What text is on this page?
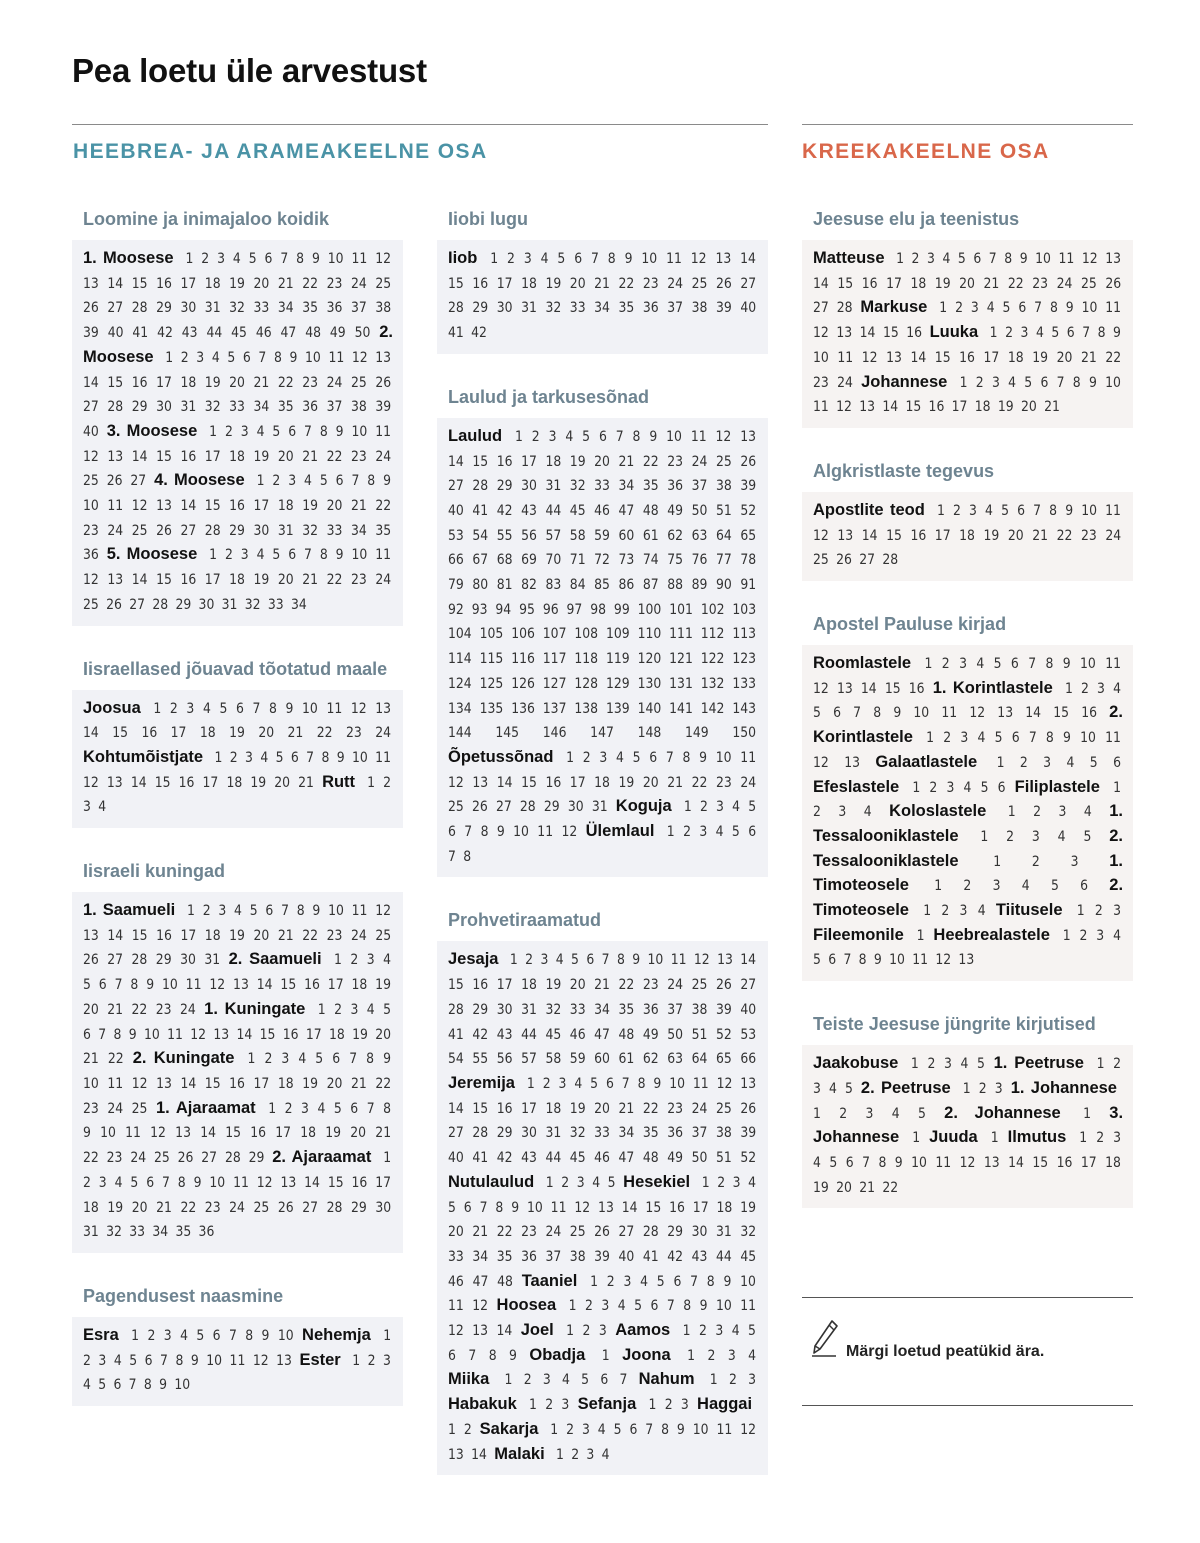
Pea loetu üle arvestust
HEEBREA- JA ARAMEAKEELNE OSA	KREEKAKEELNE OSA
Loomine ja inimajaloo koidik
1. Moosese 1 2 3 4 5 6 7 8 9 10 11 12 13 14 15 16 17 18 19 20 21 22 23 24 25 26 27 28 29 30 31 32 33 34 35 36 37 38 39 40 41 42 43 44 45 46 47 48 49 50 2. Moosese 1 2 3 4 5 6 7 8 9 10 11 12 13 14 15 16 17 18 19 20 21 22 23 24 25 26 27 28 29 30 31 32 33 34 35 36 37 38 39 40 3. Moosese 1 2 3 4 5 6 7 8 9 10 11 12 13 14 15 16 17 18 19 20 21 22 23 24 25 26 27 4. Moosese 1 2 3 4 5 6 7 8 9 10 11 12 13 14 15 16 17 18 19 20 21 22 23 24 25 26 27 28 29 30 31 32 33 34 35 36 5. Moosese 1 2 3 4 5 6 7 8 9 10 11 12 13 14 15 16 17 18 19 20 21 22 23 24 25 26 27 28 29 30 31 32 33 34
Iisraellased jõuavad tõotatud maale
Joosua 1 2 3 4 5 6 7 8 9 10 11 12 13 14 15 16 17 18 19 20 21 22 23 24 Kohtumõistjate 1 2 3 4 5 6 7 8 9 10 11 12 13 14 15 16 17 18 19 20 21 Rutt 1 2 3 4
Iisraeli kuningad
1. Saamueli 1 2 3 4 5 6 7 8 9 10 11 12 13 14 15 16 17 18 19 20 21 22 23 24 25 26 27 28 29 30 31 2. Saamueli 1 2 3 4 5 6 7 8 9 10 11 12 13 14 15 16 17 18 19 20 21 22 23 24 1. Kuningate 1 2 3 4 5 6 7 8 9 10 11 12 13 14 15 16 17 18 19 20 21 22 2. Kuningate 1 2 3 4 5 6 7 8 9 10 11 12 13 14 15 16 17 18 19 20 21 22 23 24 25 1. Ajaraamat 1 2 3 4 5 6 7 8 9 10 11 12 13 14 15 16 17 18 19 20 21 22 23 24 25 26 27 28 29 2. Ajaraamat 1 2 3 4 5 6 7 8 9 10 11 12 13 14 15 16 17 18 19 20 21 22 23 24 25 26 27 28 29 30 31 32 33 34 35 36
Pagendusest naasmine
Esra 1 2 3 4 5 6 7 8 9 10 Nehemja 1 2 3 4 5 6 7 8 9 10 11 12 13 Ester 1 2 3 4 5 6 7 8 9 10
Iiobi lugu
Iiob 1 2 3 4 5 6 7 8 9 10 11 12 13 14 15 16 17 18 19 20 21 22 23 24 25 26 27 28 29 30 31 32 33 34 35 36 37 38 39 40 41 42
Laulud ja tarkusesõnad
Laulud 1 2 3 4 5 6 7 8 9 10 11 12 13 14 15 16 17 18 19 20 21 22 23 24 25 26 27 28 29 30 31 32 33 34 35 36 37 38 39 40 41 42 43 44 45 46 47 48 49 50 51 52 53 54 55 56 57 58 59 60 61 62 63 64 65 66 67 68 69 70 71 72 73 74 75 76 77 78 79 80 81 82 83 84 85 86 87 88 89 90 91 92 93 94 95 96 97 98 99 100 101 102 103 104 105 106 107 108 109 110 111 112 113 114 115 116 117 118 119 120 121 122 123 124 125 126 127 128 129 130 131 132 133 134 135 136 137 138 139 140 141 142 143 144 145 146 147 148 149 150 Õpetussõnad 1 2 3 4 5 6 7 8 9 10 11 12 13 14 15 16 17 18 19 20 21 22 23 24 25 26 27 28 29 30 31 Koguja 1 2 3 4 5 6 7 8 9 10 11 12 Ülemlaul 1 2 3 4 5 6 7 8
Prohvetiraamatud
Jesaja 1 2 3 4 5 6 7 8 9 10 11 12 13 14 15 16 17 18 19 20 21 22 23 24 25 26 27 28 29 30 31 32 33 34 35 36 37 38 39 40 41 42 43 44 45 46 47 48 49 50 51 52 53 54 55 56 57 58 59 60 61 62 63 64 65 66 Jeremija 1 2 3 4 5 6 7 8 9 10 11 12 13 14 15 16 17 18 19 20 21 22 23 24 25 26 27 28 29 30 31 32 33 34 35 36 37 38 39 40 41 42 43 44 45 46 47 48 49 50 51 52 Nutulaulud 1 2 3 4 5 Hesekiel 1 2 3 4 5 6 7 8 9 10 11 12 13 14 15 16 17 18 19 20 21 22 23 24 25 26 27 28 29 30 31 32 33 34 35 36 37 38 39 40 41 42 43 44 45 46 47 48 Taaniel 1 2 3 4 5 6 7 8 9 10 11 12 Hoosea 1 2 3 4 5 6 7 8 9 10 11 12 13 14 Joel 1 2 3 Aamos 1 2 3 4 5 6 7 8 9 Obadja 1 Joona 1 2 3 4 Miika 1 2 3 4 5 6 7 Nahum 1 2 3 Habakuk 1 2 3 Sefanja 1 2 3 Haggai 1 2 Sakarja 1 2 3 4 5 6 7 8 9 10 11 12 13 14 Malaki 1 2 3 4
Jeesuse elu ja teenistus
Matteuse 1 2 3 4 5 6 7 8 9 10 11 12 13 14 15 16 17 18 19 20 21 22 23 24 25 26 27 28 Markuse 1 2 3 4 5 6 7 8 9 10 11 12 13 14 15 16 Luuka 1 2 3 4 5 6 7 8 9 10 11 12 13 14 15 16 17 18 19 20 21 22 23 24 Johannese 1 2 3 4 5 6 7 8 9 10 11 12 13 14 15 16 17 18 19 20 21
Algkristlaste tegevus
Apostlite teod 1 2 3 4 5 6 7 8 9 10 11 12 13 14 15 16 17 18 19 20 21 22 23 24 25 26 27 28
Apostel Pauluse kirjad
Roomlastele 1 2 3 4 5 6 7 8 9 10 11 12 13 14 15 16 1. Korintlastele 1 2 3 4 5 6 7 8 9 10 11 12 13 14 15 16 2. Korintlastele 1 2 3 4 5 6 7 8 9 10 11 12 13 Galaatlastele 1 2 3 4 5 6 Efeslastele 1 2 3 4 5 6 Filiplastele 1 2 3 4 Koloslastele 1 2 3 4 1. Tessalooniklastele 1 2 3 4 5 2. Tessalooniklastele	1 2 3 1. Timoteosele 1 2 3 4 5 6 2. Timoteosele 1 2 3 4 Tiitusele 1 2 3 Fileemonile 1 Heebrealastele 1 2 3 4 5 6 7 8 9 10 11 12 13
Teiste Jeesuse jüngrite kirjutised
Jaakobuse 1 2 3 4 5 1. Peetruse 1 2 3 4 5 2. Peetruse 1 2 3 1. Johannese 1 2 3 4 5 2. Johannese 1 3. Johannese 1 Juuda 1 Ilmutus 1 2 3 4 5 6 7 8 9 10 11 12 13 14 15 16 17 18 19 20 21 22
Märgi loetud peatükid ära.
